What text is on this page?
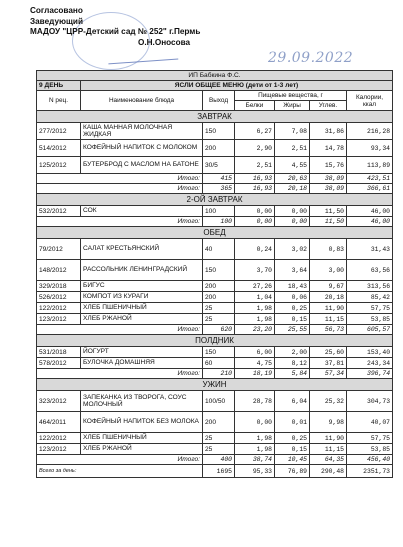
Согласовано
Заведующий
МАДОУ "ЦРР-Детский сад № 252" г.Пермь
О.Н.Оносова
29.09.2022
ИП Бабкина Ф.С.						
9 ДЕНЬ	ЯСЛИ ОБЩЕЕ МЕНЮ (дети от 1-3 лет)					
N рец.	Наименование блюда	Выход	Пищевые вещества, г			Калории, ккал
			Белки	Жиры	Углев.	
ЗАВТРАК						
277/2012	КАША МАННАЯ МОЛОЧНАЯ ЖИДКАЯ	150	6,27	7,08	31,86	216,28
514/2012	КОФЕЙНЫЙ НАПИТОК С МОЛОКОМ	200	2,90	2,51	14,78	93,34
125/2012	БУТЕРБРОД С МАСЛОМ НА БАТОНЕ	30/5	2,51	4,55	15,76	113,89
Итого:		415	16,93	20,63	38,09	423,51
Итого:		365	16,93	20,18	38,09	366,61
2-ОЙ ЗАВТРАК						
532/2012	СОК	100	0,00	0,00	11,50	46,00
Итого:		100	0,00	0,00	11,50	46,00
ОБЕД						
79/2012	САЛАТ КРЕСТЬЯНСКИЙ	40	0,24	3,02	0,83	31,43
148/2012	РАССОЛЬНИК ЛЕНИНГРАДСКИЙ	150	3,70	3,64	3,00	63,56
329/2018	БИГУС	200	27,26	18,43	9,67	313,56
526/2012	КОМПОТ ИЗ КУРАГИ	200	1,04	0,06	20,18	85,42
122/2012	ХЛЕБ ПШЕНИЧНЫЙ	25	1,98	0,25	11,90	57,75
123/2012	ХЛЕБ РЖАНОЙ	25	1,98	0,15	11,15	53,85
Итого:		620	23,20	25,55	56,73	605,57
ПОЛДНИК						
531/2018	ЙОГУРТ	150	6,00	2,00	25,60	153,40
578/2012	БУЛОЧКА ДОМАШНЯЯ	60	4,75	8,12	37,81	243,34
Итого:		210	18,19	5,84	57,34	396,74
УЖИН						
323/2012	ЗАПЕКАНКА ИЗ ТВОРОГА, СОУС МОЛОЧНЫЙ	100/50	28,78	6,04	25,32	304,73
464/2011	КОФЕЙНЫЙ НАПИТОК БЕЗ МОЛОКА	200	0,00	0,01	9,98	40,07
122/2012	ХЛЕБ ПШЕНИЧНЫЙ	25	1,98	0,25	11,90	57,75
123/2012	ХЛЕБ РЖАНОЙ	25	1,98	0,15	11,15	53,85
Итого:		400	38,74	10,45	64,35	456,40
Всего за день:		1695	95,33	76,89	290,48	2351,73
